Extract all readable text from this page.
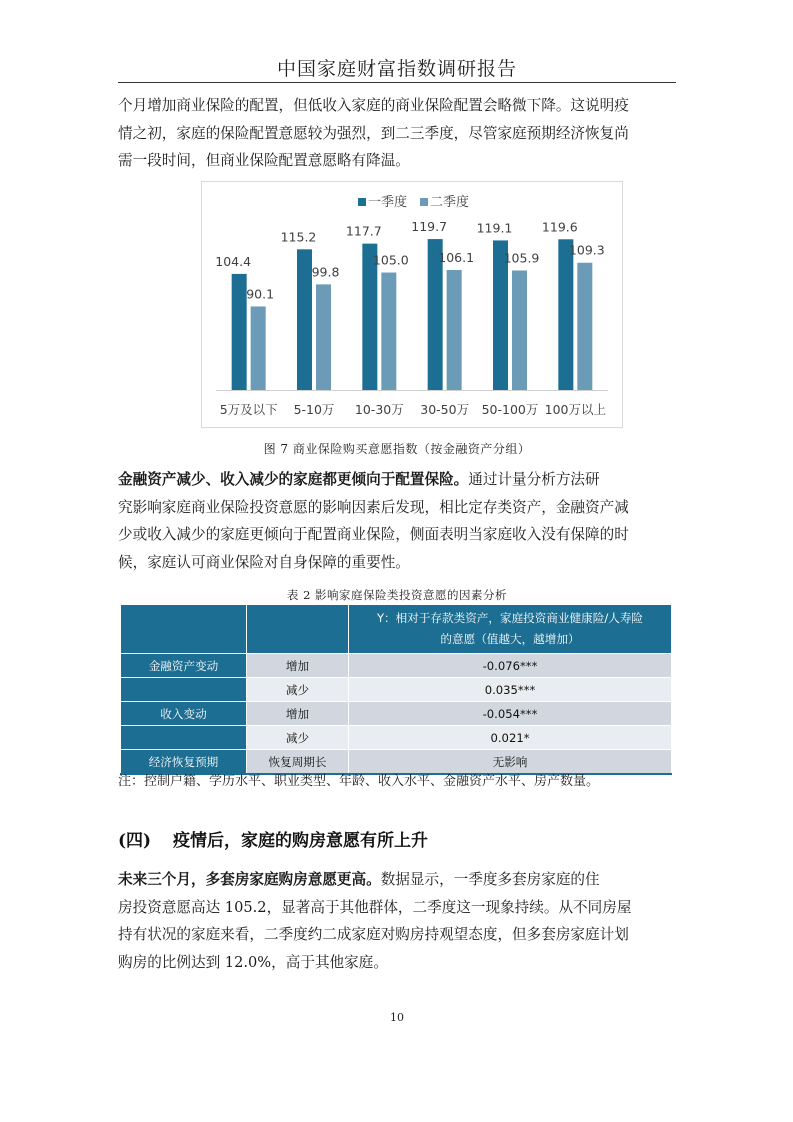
中国家庭财富指数调研报告
个月增加商业保险的配置，但低收入家庭的商业保险配置会略微下降。这说明疫
情之初，家庭的保险配置意愿较为强烈，到二三季度，尽管家庭预期经济恢复尚
需一段时间，但商业保险配置意愿略有降温。
一季度 二季度
104.4
90.1
5万及以下
115.2
99.8
5-10万
117.7
105.0
10-30万
119.7
106.1
30-50万
119.1
105.9
50-100万
119.6
109.3
100万以上
图 7 商业保险购买意愿指数（按金融资产分组）
金融资产减少、收入减少的家庭都更倾向于配置保险。通过计量分析方法研
究影响家庭商业保险投资意愿的影响因素后发现，相比定存类资产，金融资产减
少或收入减少的家庭更倾向于配置商业保险，侧面表明当家庭收入没有保障的时
候，家庭认可商业保险对自身保障的重要性。
表 2 影响家庭保险类投资意愿的因素分析

		Y：相对于存款类资产，家庭投资商业健康险/人寿险
的意愿（值越大，越增加）

金融资产变动	增加	-0.076***
	减少	0.035***
收入变动	增加	-0.054***
	减少	0.021*
经济恢复预期	恢复周期长	无影响
注：控制户籍、学历水平、职业类型、年龄、收入水平、金融资产水平、房产数量。
(四) 疫情后，家庭的购房意愿有所上升
未来三个月，多套房家庭购房意愿更高。数据显示，一季度多套房家庭的住
房投资意愿高达 105.2，显著高于其他群体，二季度这一现象持续。从不同房屋
持有状况的家庭来看，二季度约二成家庭对购房持观望态度，但多套房家庭计划
购房的比例达到 12.0%，高于其他家庭。
10
